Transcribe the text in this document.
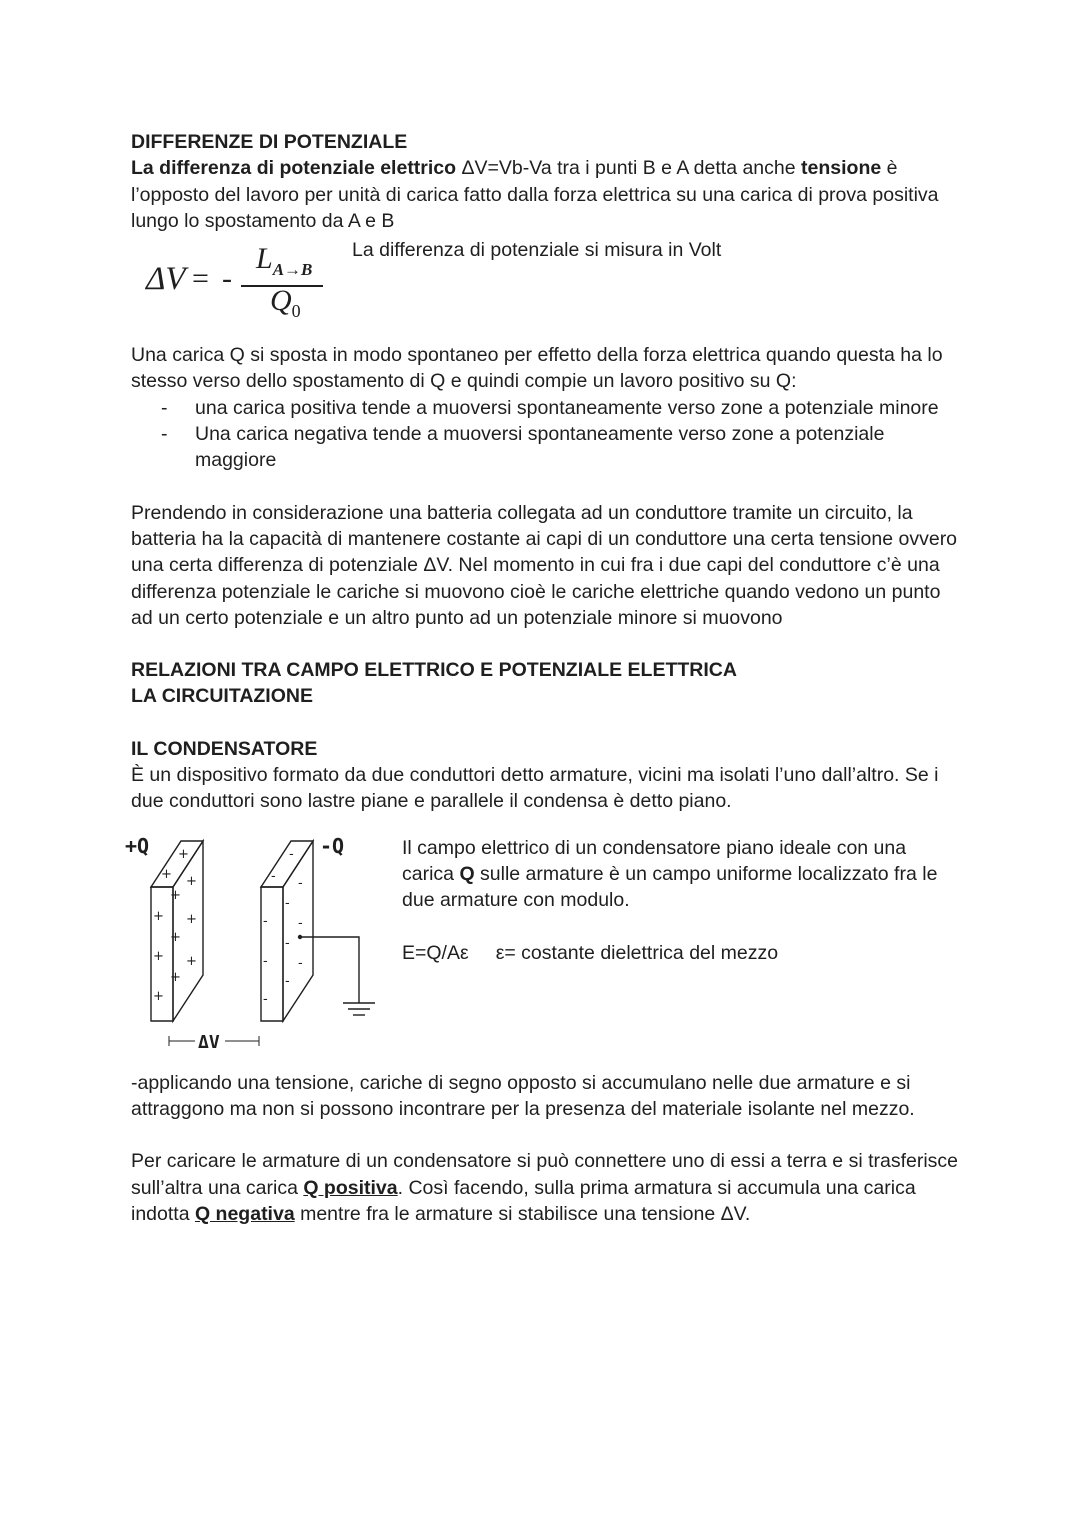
DIFFERENZE DI POTENZIALE

La differenza di potenziale elettrico ΔV=Vb-Va tra i punti B e A detta anche tensione è l’opposto del lavoro per unità di carica fatto dalla forza elettrica su una carica di prova positiva lungo lo spostamento da A e B

ΔV = -
$L_{A\to B}$
$Q_0$

La differenza di potenziale si misura in Volt

Una carica Q si sposta in modo spontaneo per effetto della forza elettrica quando questa ha lo stesso verso dello spostamento di Q e quindi compie un lavoro positivo su Q:

- una carica positiva tende a muoversi spontaneamente verso zone a potenziale minore
- Una carica negativa tende a muoversi spontaneamente verso zone a potenziale maggiore

Prendendo in considerazione una batteria collegata ad un conduttore tramite un circuito, la batteria ha la capacità di mantenere costante ai capi di un conduttore una certa tensione ovvero una certa differenza di potenziale ΔV. Nel momento in cui fra i due capi del conduttore c’è una differenza potenziale le cariche si muovono cioè le cariche elettriche quando vedono un punto ad un certo potenziale e un altro punto ad un potenziale minore si muovono

RELAZIONI TRA CAMPO ELETTRICO E POTENZIALE ELETTRICA

LA CIRCUITAZIONE

IL CONDENSATORE

È un dispositivo formato da due conduttori detto armature, vicini ma isolati l’uno dall’altro. Se i due conduttori sono lastre piane e parallele il condensa è detto piano.

+Q	-Q
+
+ +
+
+
+
+
+
+
+
+
-
- -
-
-
-
-
-
-
-
-
ΔV

Il campo elettrico di un condensatore piano ideale con una carica Q sulle armature è un campo uniforme localizzato fra le due armature con modulo.

E=Q/Aε ε= costante dielettrica del mezzo

-applicando una tensione, cariche di segno opposto si accumulano nelle due armature e si attraggono ma non si possono incontrare per la presenza del materiale isolante nel mezzo.

Per caricare le armature di un condensatore si può connettere uno di essi a terra e si trasferisce sull’altra una carica Q positiva. Così facendo, sulla prima armatura si accumula una carica indotta Q negativa mentre fra le armature si stabilisce una tensione ΔV.
